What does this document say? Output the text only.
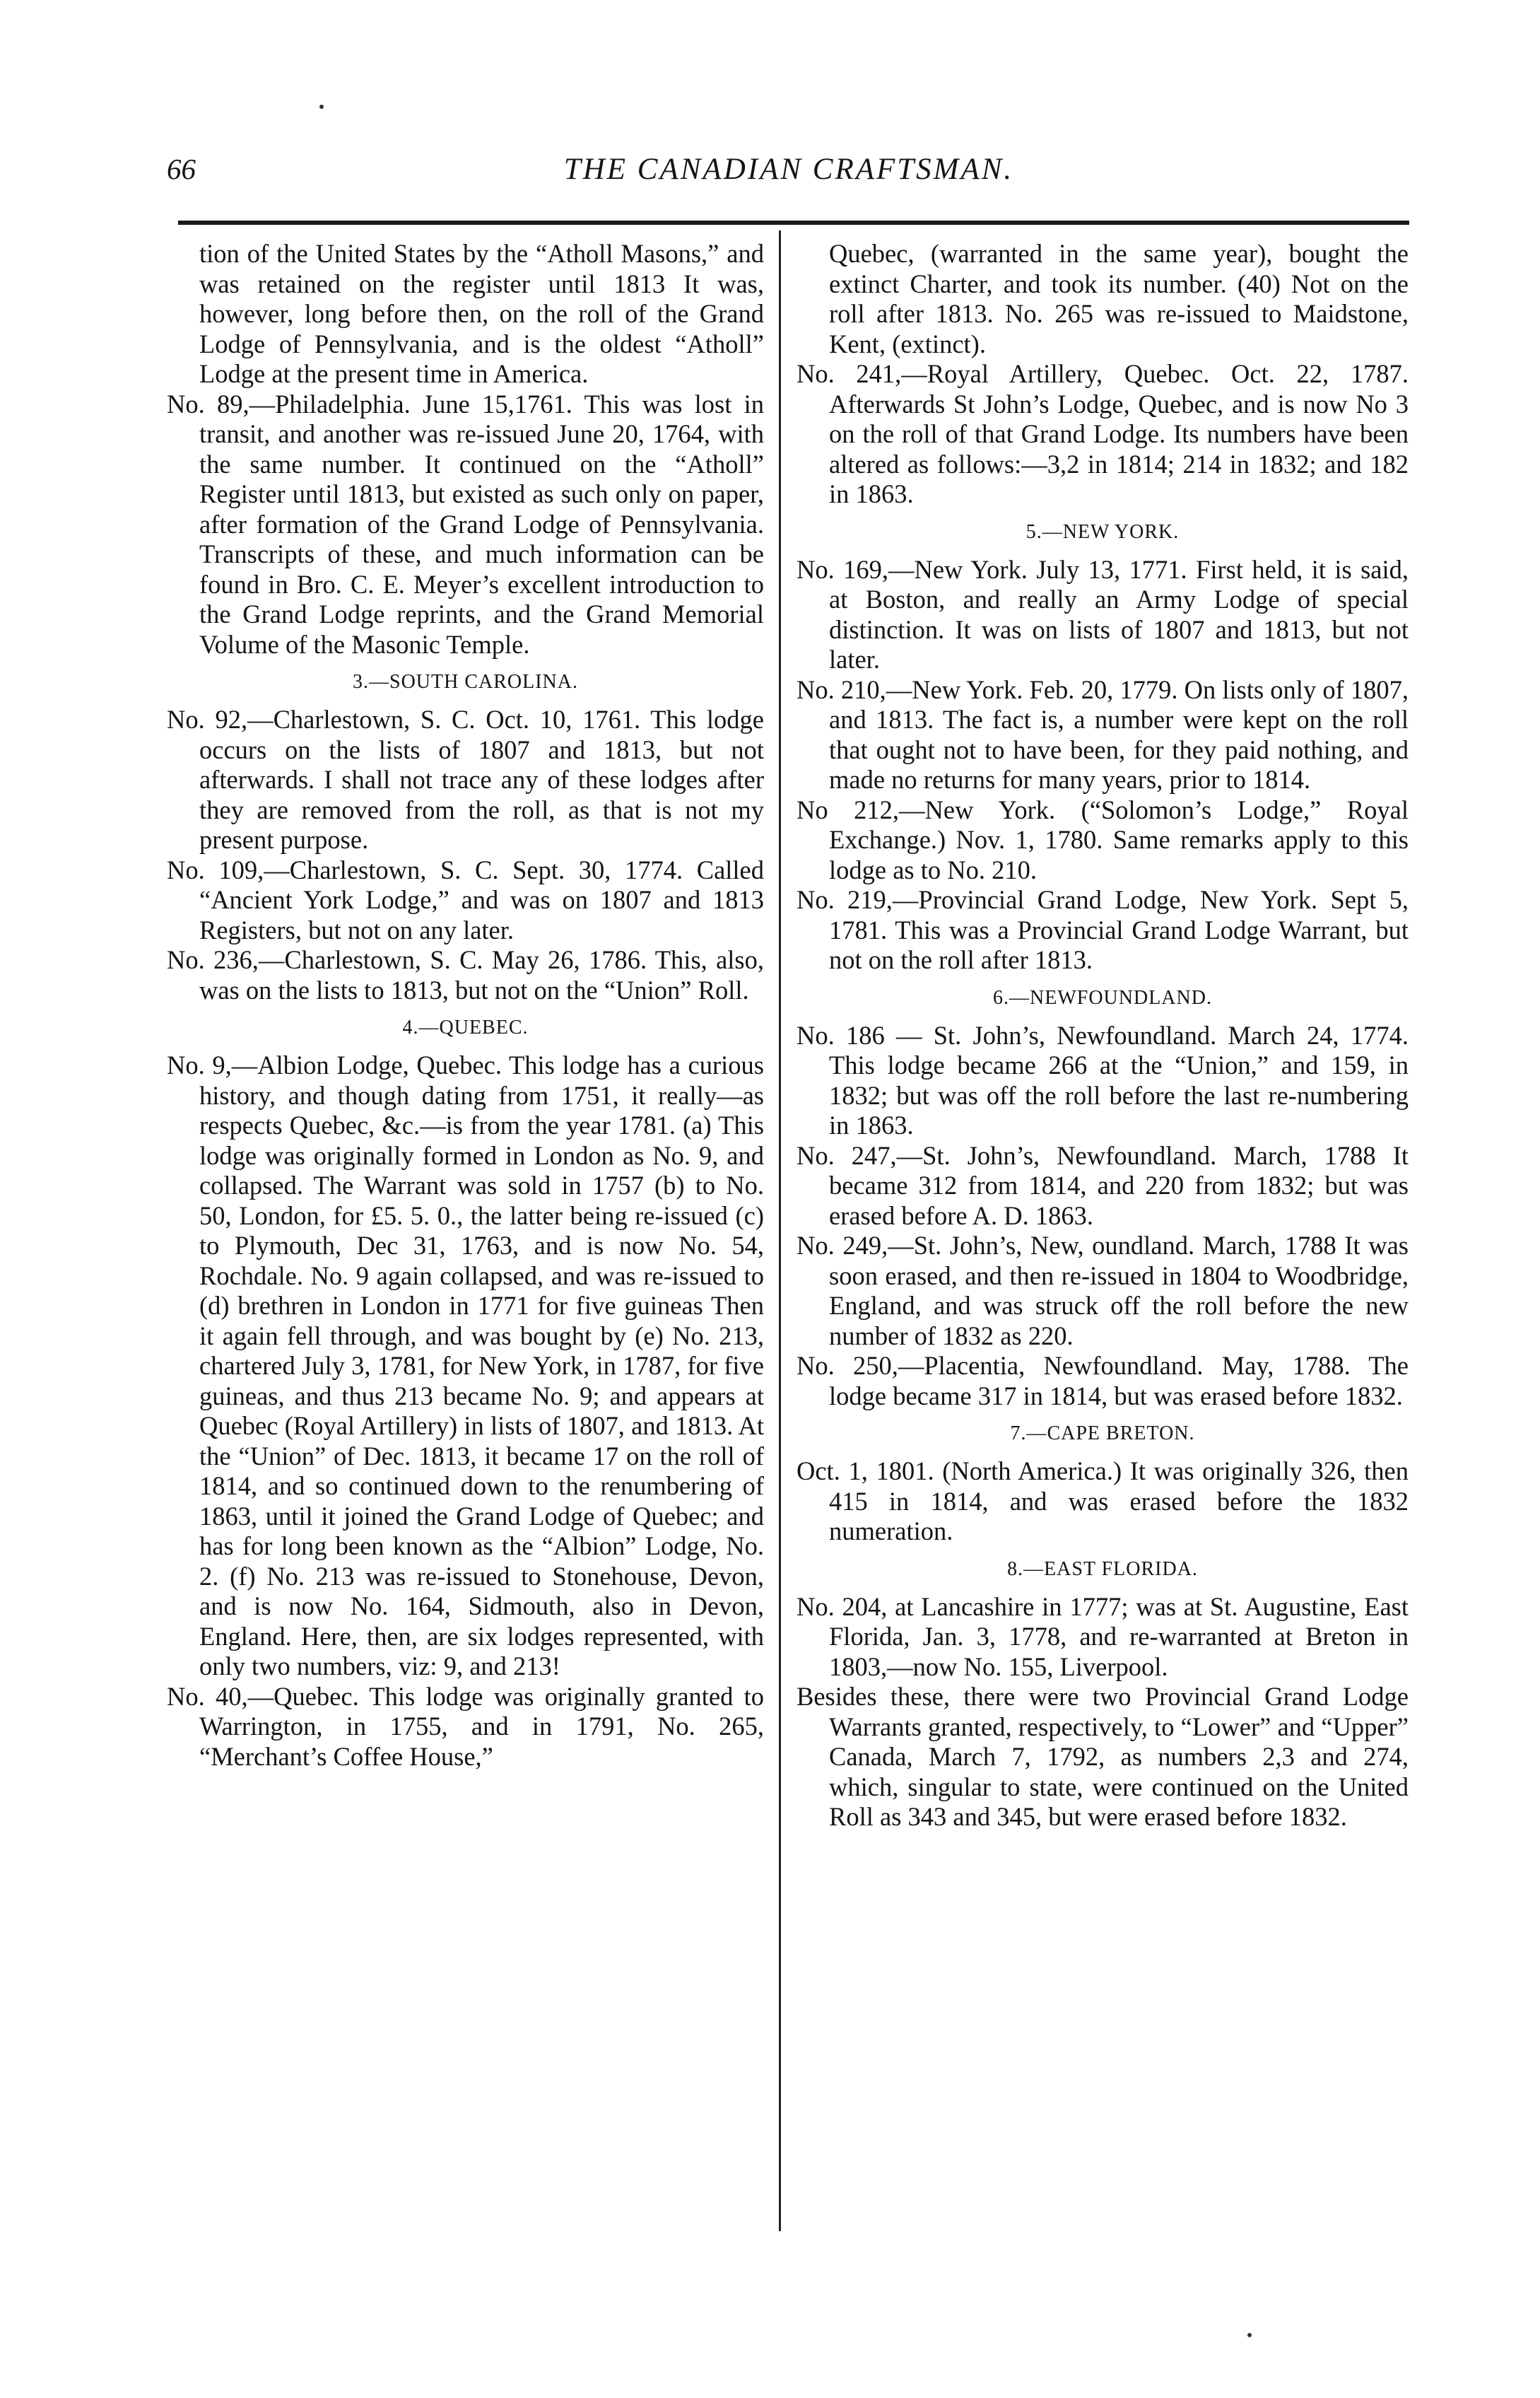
66	THE CANADIAN CRAFTSMAN.

tion of the United States by the “Atholl Masons,” and was retained on the register until 1813 It was, however, long before then, on the roll of the Grand Lodge of Pennsylvania, and is the oldest “Atholl” Lodge at the present time in America.

No. 89,—Philadelphia. June 15,1761. This was lost in transit, and another was re-issued June 20, 1764, with the same number. It continued on the “Atholl” Register until 1813, but existed as such only on paper, after formation of the Grand Lodge of Pennsylvania. Transcripts of these, and much information can be found in Bro. C. E. Meyer’s excellent introduction to the Grand Lodge reprints, and the Grand Memorial Volume of the Masonic Temple.

3.—SOUTH CAROLINA.

No. 92,—Charlestown, S. C. Oct. 10, 1761. This lodge occurs on the lists of 1807 and 1813, but not afterwards. I shall not trace any of these lodges after they are removed from the roll, as that is not my present purpose.

No. 109,—Charlestown, S. C. Sept. 30, 1774. Called “Ancient York Lodge,” and was on 1807 and 1813 Registers, but not on any later.

No. 236,—Charlestown, S. C. May 26, 1786. This, also, was on the lists to 1813, but not on the “Union” Roll.

4.—QUEBEC.

No. 9,—Albion Lodge, Quebec. This lodge has a curious history, and though dating from 1751, it really—as respects Quebec, &c.—is from the year 1781. (a) This lodge was originally formed in London as No. 9, and collapsed. The Warrant was sold in 1757 (b) to No. 50, London, for £5. 5. 0., the latter being re-issued (c) to Plymouth, Dec 31, 1763, and is now No. 54, Rochdale. No. 9 again collapsed, and was re-issued to (d) brethren in London in 1771 for five guineas Then it again fell through, and was bought by (e) No. 213, chartered July 3, 1781, for New York, in 1787, for five guineas, and thus 213 became No. 9; and appears at Quebec (Royal Artillery) in lists of 1807, and 1813. At the “Union” of Dec. 1813, it became 17 on the roll of 1814, and so continued down to the renumbering of 1863, until it joined the Grand Lodge of Quebec; and has for long been known as the “Albion” Lodge, No. 2. (f) No. 213 was re-issued to Stonehouse, Devon, and is now No. 164, Sidmouth, also in Devon, England. Here, then, are six lodges represented, with only two numbers, viz: 9, and 213!

No. 40,—Quebec. This lodge was originally granted to Warrington, in 1755, and in 1791, No. 265, “Merchant’s Coffee House,”

Quebec, (warranted in the same year), bought the extinct Charter, and took its number. (40) Not on the roll after 1813. No. 265 was re-issued to Maidstone, Kent, (extinct).

No. 241,—Royal Artillery, Quebec. Oct. 22, 1787. Afterwards St John’s Lodge, Quebec, and is now No 3 on the roll of that Grand Lodge. Its numbers have been altered as follows:—3,2 in 1814; 214 in 1832; and 182 in 1863.

5.—NEW YORK.

No. 169,—New York. July 13, 1771. First held, it is said, at Boston, and really an Army Lodge of special distinction. It was on lists of 1807 and 1813, but not later.

No. 210,—New York. Feb. 20, 1779. On lists only of 1807, and 1813. The fact is, a number were kept on the roll that ought not to have been, for they paid nothing, and made no returns for many years, prior to 1814.

No 212,—New York. (“Solomon’s Lodge,” Royal Exchange.) Nov. 1, 1780. Same remarks apply to this lodge as to No. 210.

No. 219,—Provincial Grand Lodge, New York. Sept 5, 1781. This was a Provincial Grand Lodge Warrant, but not on the roll after 1813.

6.—NEWFOUNDLAND.

No. 186 — St. John’s, Newfoundland. March 24, 1774. This lodge became 266 at the “Union,” and 159, in 1832; but was off the roll before the last re-numbering in 1863.

No. 247,—St. John’s, Newfoundland. March, 1788 It became 312 from 1814, and 220 from 1832; but was erased before A. D. 1863.

No. 249,—St. John’s, New, oundland. March, 1788 It was soon erased, and then re-issued in 1804 to Woodbridge, England, and was struck off the roll before the new number of 1832 as 220.

No. 250,—Placentia, Newfoundland. May, 1788. The lodge became 317 in 1814, but was erased before 1832.

7.—CAPE BRETON.

Oct. 1, 1801. (North America.) It was originally 326, then 415 in 1814, and was erased before the 1832 numeration.

8.—EAST FLORIDA.

No. 204, at Lancashire in 1777; was at St. Augustine, East Florida, Jan. 3, 1778, and re-warranted at Breton in 1803,—now No. 155, Liverpool.

Besides these, there were two Provincial Grand Lodge Warrants granted, respectively, to “Lower” and “Upper” Canada, March 7, 1792, as numbers 2,3 and 274, which, singular to state, were continued on the United Roll as 343 and 345, but were erased before 1832.
